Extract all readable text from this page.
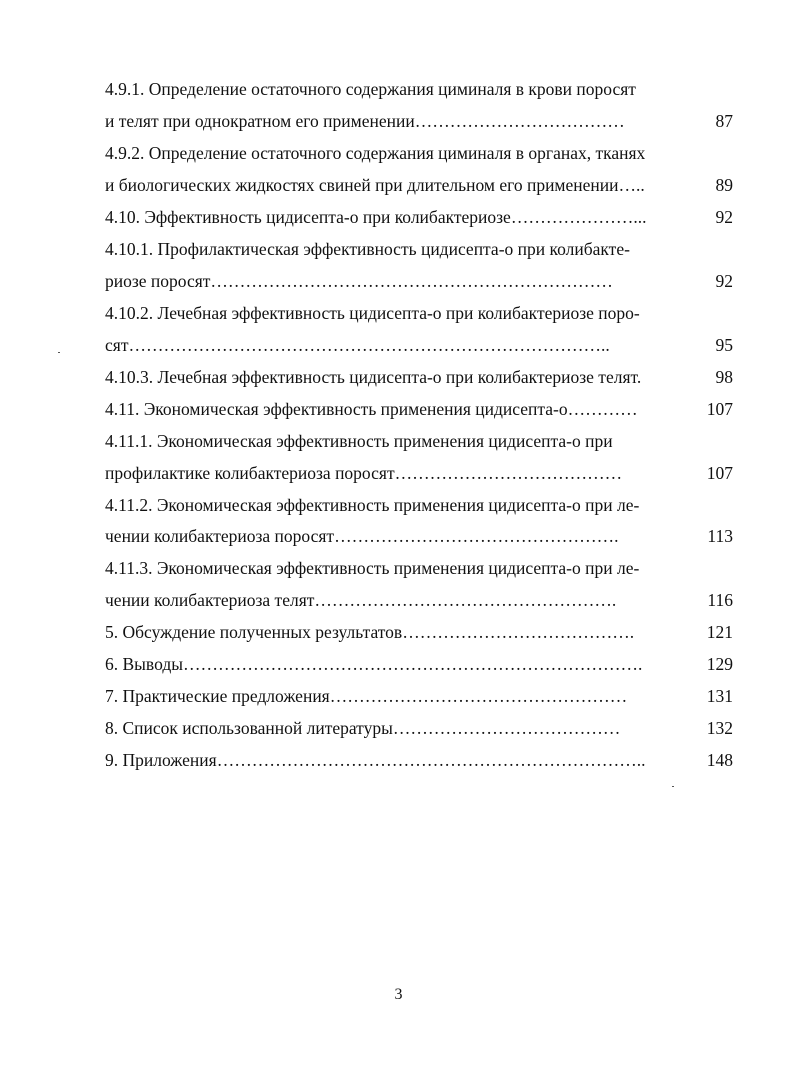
4.9.1. Определение остаточного содержания циминаля в крови поросят
и телят при однократном его применении………………………………	87
4.9.2. Определение остаточного содержания циминаля в органах, тканях
и биологических жидкостях свиней при длительном его применении…..	89
4.10. Эффективность цидисепта-о при колибактериозе…………………...	92
4.10.1. Профилактическая эффективность цидисепта-о при колибакте-
риозе поросят……………………………………………………………	92
4.10.2. Лечебная эффективность цидисепта-о при колибактериозе поро-
сят………………………………………………………………………..	95
4.10.3. Лечебная эффективность цидисепта-о при колибактериозе телят.	98
4.11. Экономическая эффективность применения цидисепта-о…………	107
4.11.1. Экономическая эффективность применения цидисепта-о при
профилактике колибактериоза поросят…………………………………	107
4.11.2. Экономическая эффективность применения цидисепта-о при ле-
чении колибактериоза поросят………………………………………….	113
4.11.3. Экономическая эффективность применения цидисепта-о при ле-
чении колибактериоза телят…………………………………………….	116
5. Обсуждение полученных результатов………………………………….	121
6. Выводы…………………………………………………………………….	129
7. Практические предложения……………………………………………	131
8. Список использованной литературы…………………………………	132
9. Приложения………………………………………………………………..	148
3
